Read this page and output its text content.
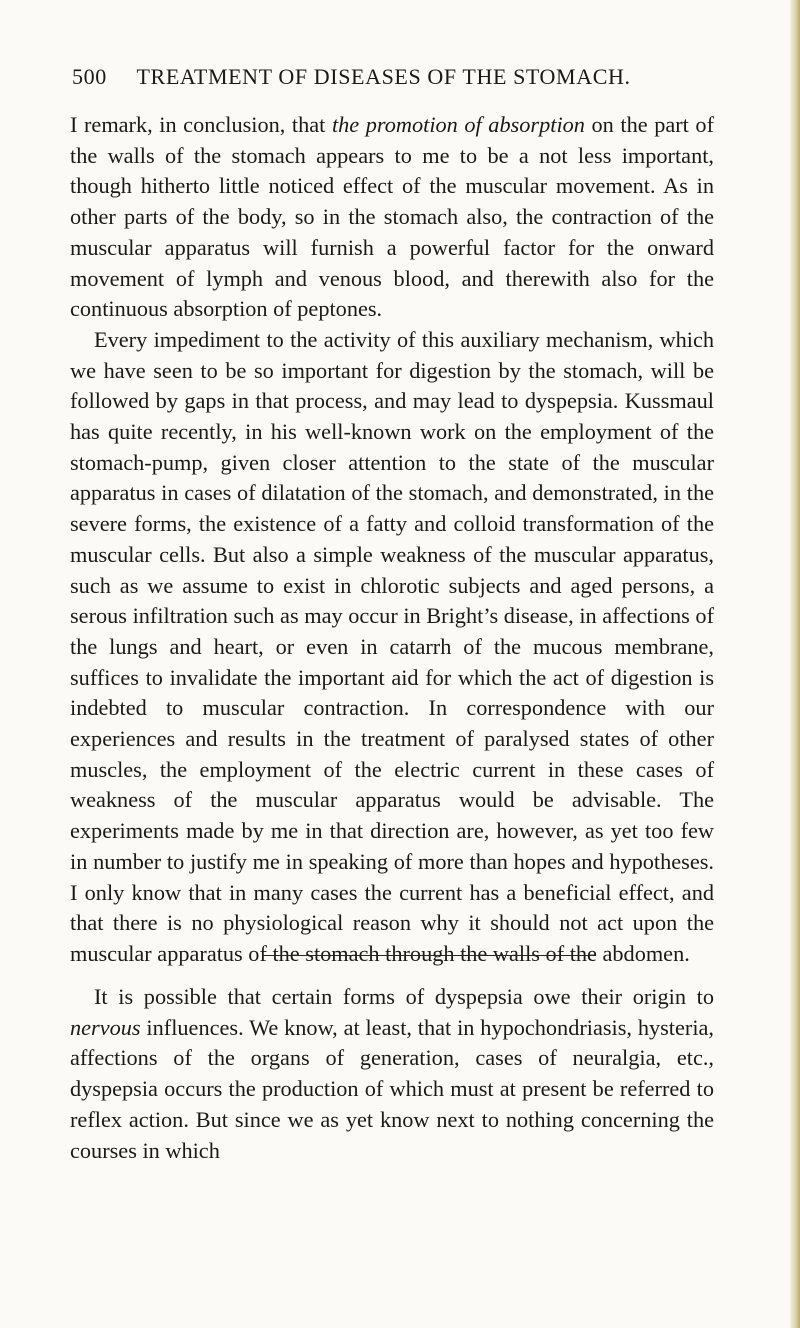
500 TREATMENT OF DISEASES OF THE STOMACH.

I remark, in conclusion, that the promotion of absorption on the part of the walls of the stomach appears to me to be a not less important, though hitherto little noticed effect of the muscular movement. As in other parts of the body, so in the stomach also, the contraction of the muscular apparatus will furnish a powerful factor for the onward movement of lymph and venous blood, and therewith also for the continuous absorption of peptones.

Every impediment to the activity of this auxiliary mechanism, which we have seen to be so important for digestion by the stomach, will be followed by gaps in that process, and may lead to dyspepsia. Kussmaul has quite recently, in his well-known work on the employment of the stomach-pump, given closer attention to the state of the muscular apparatus in cases of dilatation of the stomach, and demonstrated, in the severe forms, the existence of a fatty and colloid transformation of the muscular cells. But also a simple weakness of the muscular apparatus, such as we assume to exist in chlorotic subjects and aged persons, a serous infiltration such as may occur in Bright’s disease, in affections of the lungs and heart, or even in catarrh of the mucous membrane, suffices to invalidate the important aid for which the act of digestion is indebted to muscular contraction. In correspondence with our experiences and results in the treatment of paralysed states of other muscles, the employment of the electric current in these cases of weakness of the muscular apparatus would be advisable. The experiments made by me in that direction are, however, as yet too few in number to justify me in speaking of more than hopes and hypotheses. I only know that in many cases the current has a beneficial effect, and that there is no physiological reason why it should not act upon the muscular apparatus of the stomach through the walls of the abdomen.

It is possible that certain forms of dyspepsia owe their origin to nervous influences. We know, at least, that in hypochondriasis, hysteria, affections of the organs of generation, cases of neuralgia, etc., dyspepsia occurs the production of which must at present be referred to reflex action. But since we as yet know next to nothing concerning the courses in which
